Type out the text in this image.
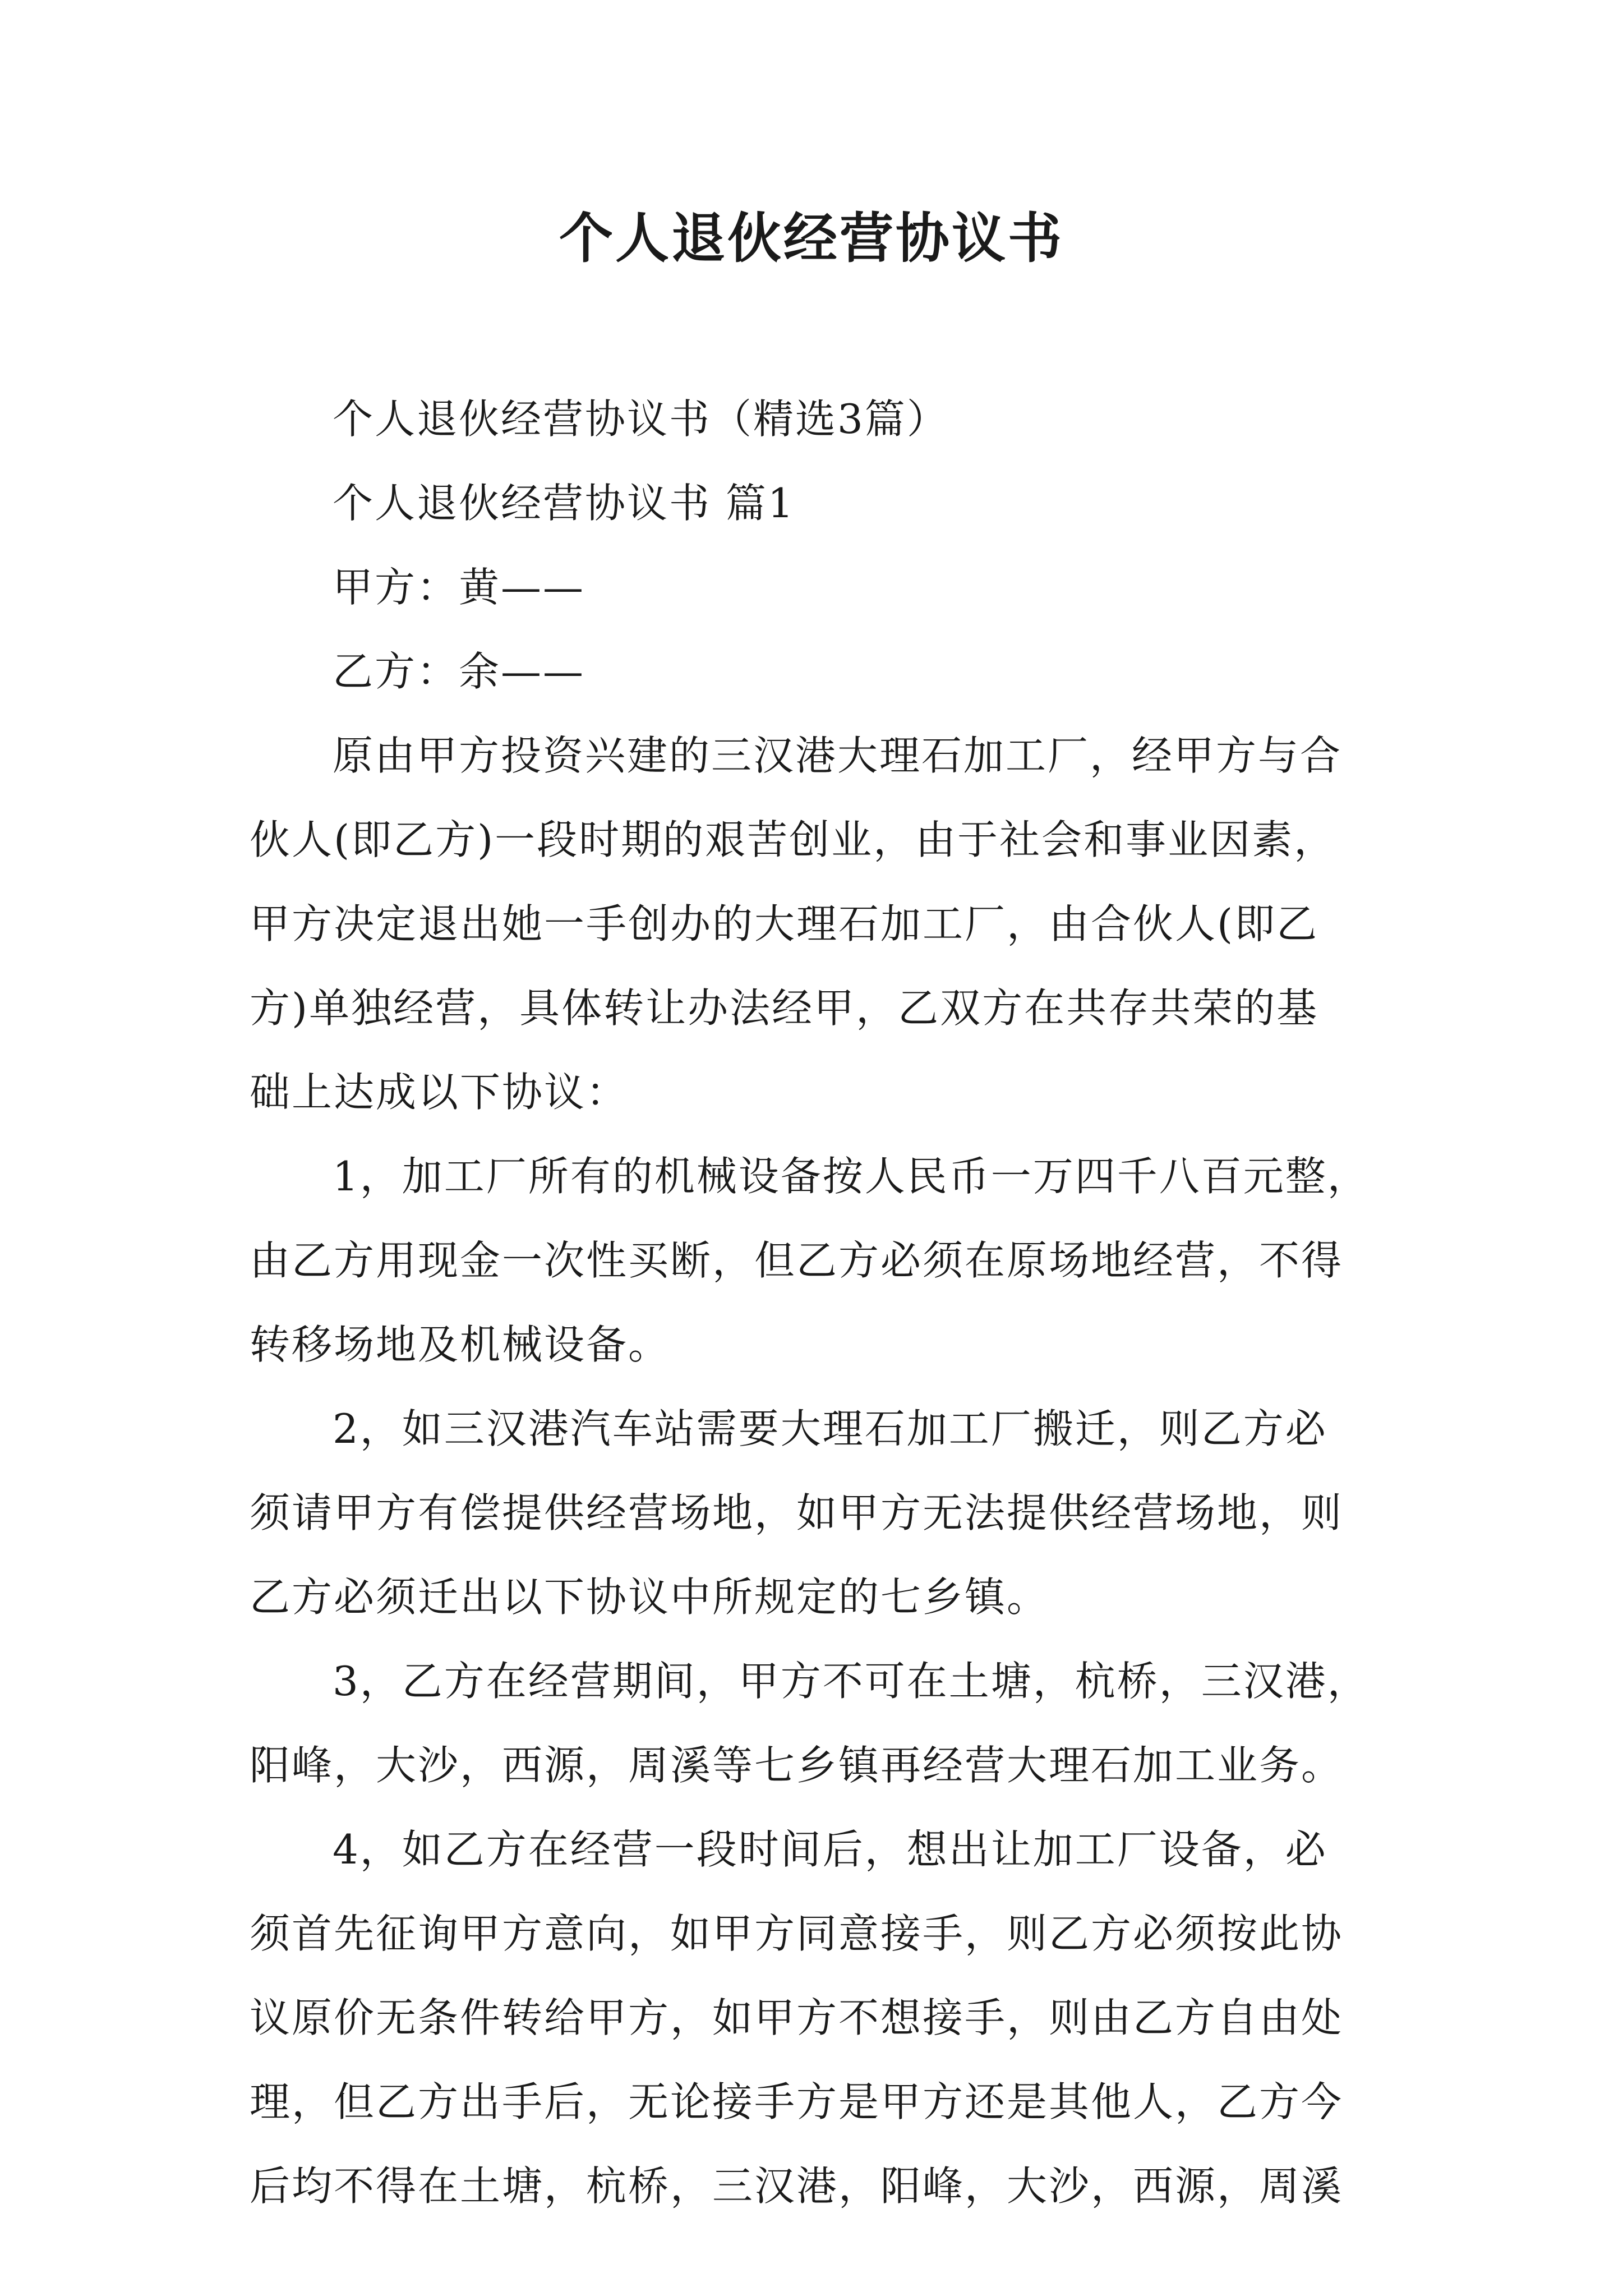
个人退伙经营协议书
个人退伙经营协议书（精选3篇）
个人退伙经营协议书 篇1
甲方：黄——
乙方：余——
原由甲方投资兴建的三汉港大理石加工厂，经甲方与合
伙人(即乙方)一段时期的艰苦创业，由于社会和事业因素，
甲方决定退出她一手创办的大理石加工厂，由合伙人(即乙
方)单独经营，具体转让办法经甲，乙双方在共存共荣的基
础上达成以下协议：
1，加工厂所有的机械设备按人民币一万四千八百元整，
由乙方用现金一次性买断，但乙方必须在原场地经营，不得
转移场地及机械设备。
2，如三汉港汽车站需要大理石加工厂搬迁，则乙方必
须请甲方有偿提供经营场地，如甲方无法提供经营场地，则
乙方必须迁出以下协议中所规定的七乡镇。
3，乙方在经营期间，甲方不可在土塘，杭桥，三汉港，
阳峰，大沙，西源，周溪等七乡镇再经营大理石加工业务。
4，如乙方在经营一段时间后，想出让加工厂设备，必
须首先征询甲方意向，如甲方同意接手，则乙方必须按此协
议原价无条件转给甲方，如甲方不想接手，则由乙方自由处
理，但乙方出手后，无论接手方是甲方还是其他人，乙方今
后均不得在土塘，杭桥，三汉港，阳峰，大沙，西源，周溪
